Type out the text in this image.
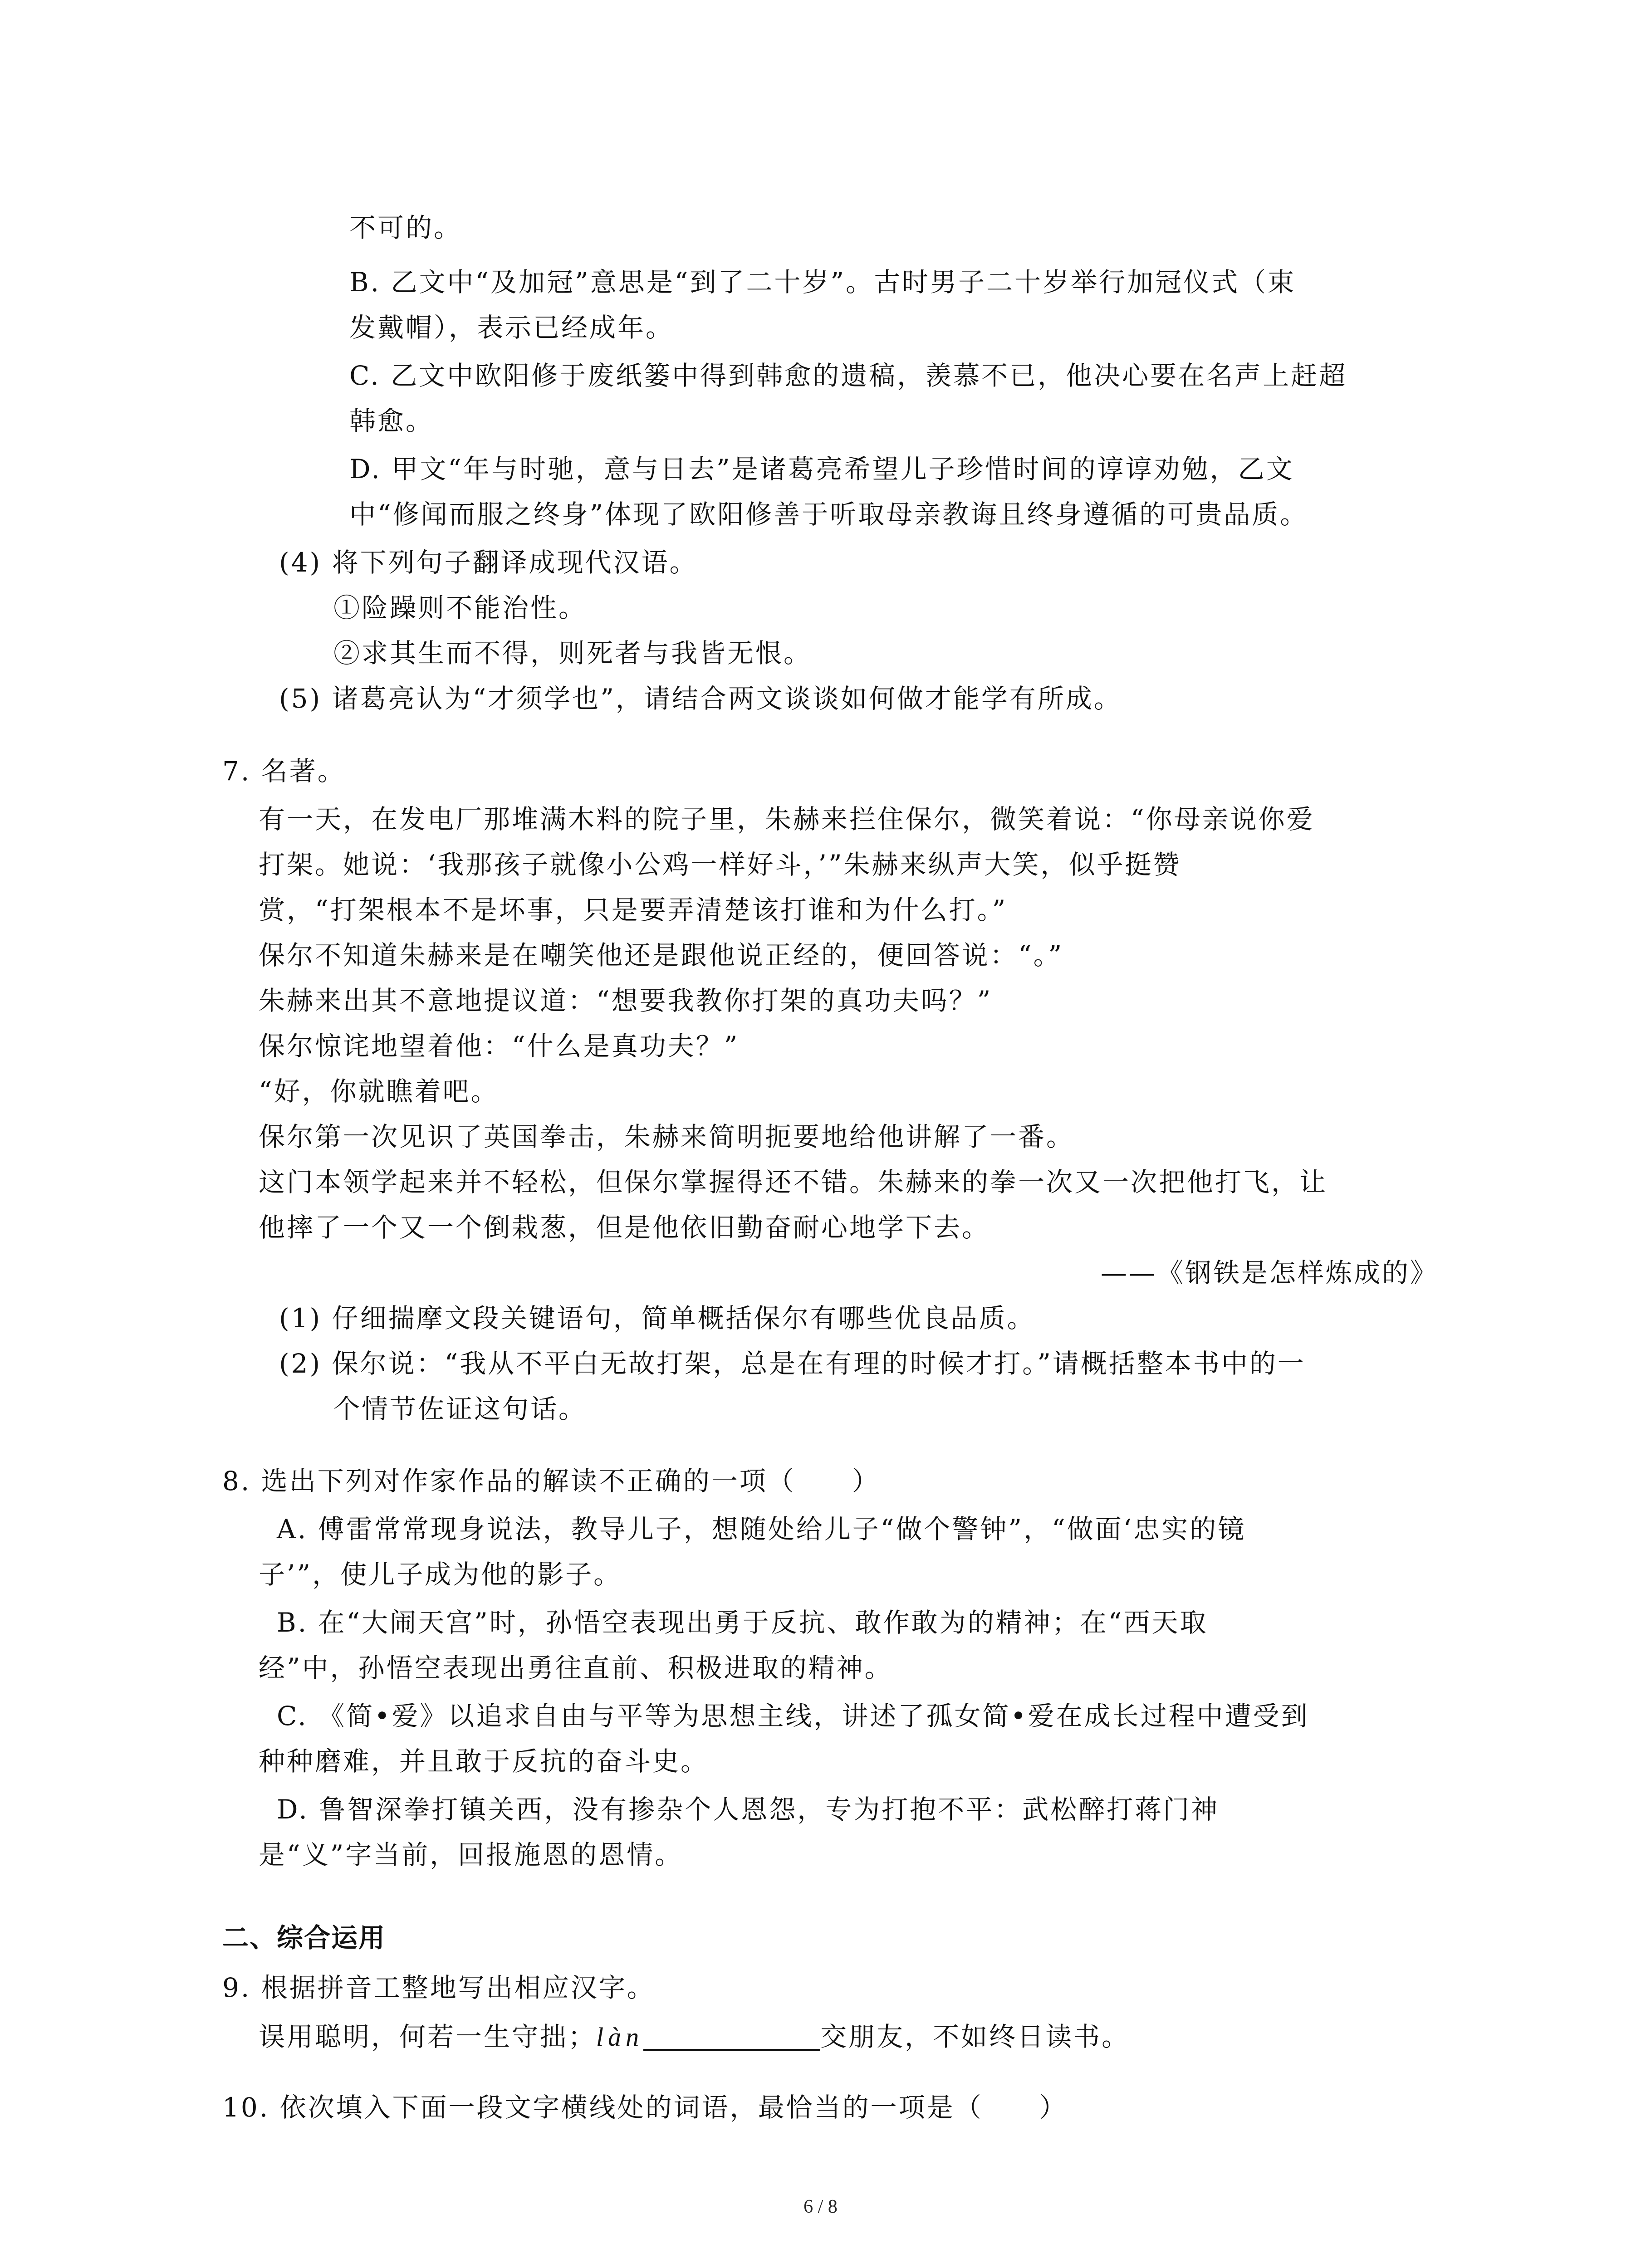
不可的。
B. 乙文中“及加冠”意思是“到了二十岁”。古时男子二十岁举行加冠仪式（束
发戴帽），表示已经成年。
C. 乙文中欧阳修于废纸篓中得到韩愈的遗稿，羡慕不已，他决心要在名声上赶超
韩愈。
D. 甲文“年与时驰，意与日去”是诸葛亮希望儿子珍惜时间的谆谆劝勉，乙文
中“修闻而服之终身”体现了欧阳修善于听取母亲教诲且终身遵循的可贵品质。
(4) 将下列句子翻译成现代汉语。
①险躁则不能治性。
②求其生而不得，则死者与我皆无恨。
(5) 诸葛亮认为“才须学也”，请结合两文谈谈如何做才能学有所成。
7. 名著。
有一天，在发电厂那堆满木料的院子里，朱赫来拦住保尔，微笑着说：“你母亲说你爱
打架。她说：‘我那孩子就像小公鸡一样好斗，’”朱赫来纵声大笑，似乎挺赞
赏，“打架根本不是坏事，只是要弄清楚该打谁和为什么打。”
保尔不知道朱赫来是在嘲笑他还是跟他说正经的，便回答说：“。”
朱赫来出其不意地提议道：“想要我教你打架的真功夫吗？”
保尔惊诧地望着他：“什么是真功夫？”
“好，你就瞧着吧。
保尔第一次见识了英国拳击，朱赫来简明扼要地给他讲解了一番。
这门本领学起来并不轻松，但保尔掌握得还不错。朱赫来的拳一次又一次把他打飞，让
他摔了一个又一个倒栽葱，但是他依旧勤奋耐心地学下去。
——《钢铁是怎样炼成的》
(1) 仔细揣摩文段关键语句，简单概括保尔有哪些优良品质。
(2) 保尔说：“我从不平白无故打架，总是在有理的时候才打。”请概括整本书中的一
个情节佐证这句话。
8. 选出下列对作家作品的解读不正确的一项（　　）
A. 傅雷常常现身说法，教导儿子，想随处给儿子“做个警钟”，“做面‘忠实的镜
子’”，使儿子成为他的影子。
B. 在“大闹天宫”时，孙悟空表现出勇于反抗、敢作敢为的精神；在“西天取
经”中，孙悟空表现出勇往直前、积极进取的精神。
C. 《简•爱》以追求自由与平等为思想主线，讲述了孤女简•爱在成长过程中遭受到
种种磨难，并且敢于反抗的奋斗史。
D. 鲁智深拳打镇关西，没有掺杂个人恩怨，专为打抱不平：武松醉打蒋门神
是“义”字当前，回报施恩的恩情。
二、综合运用
9. 根据拼音工整地写出相应汉字。
误用聪明，何若一生守拙；làn	交朋友，不如终日读书。
10. 依次填入下面一段文字横线处的词语，最恰当的一项是（　　）
6 / 8
